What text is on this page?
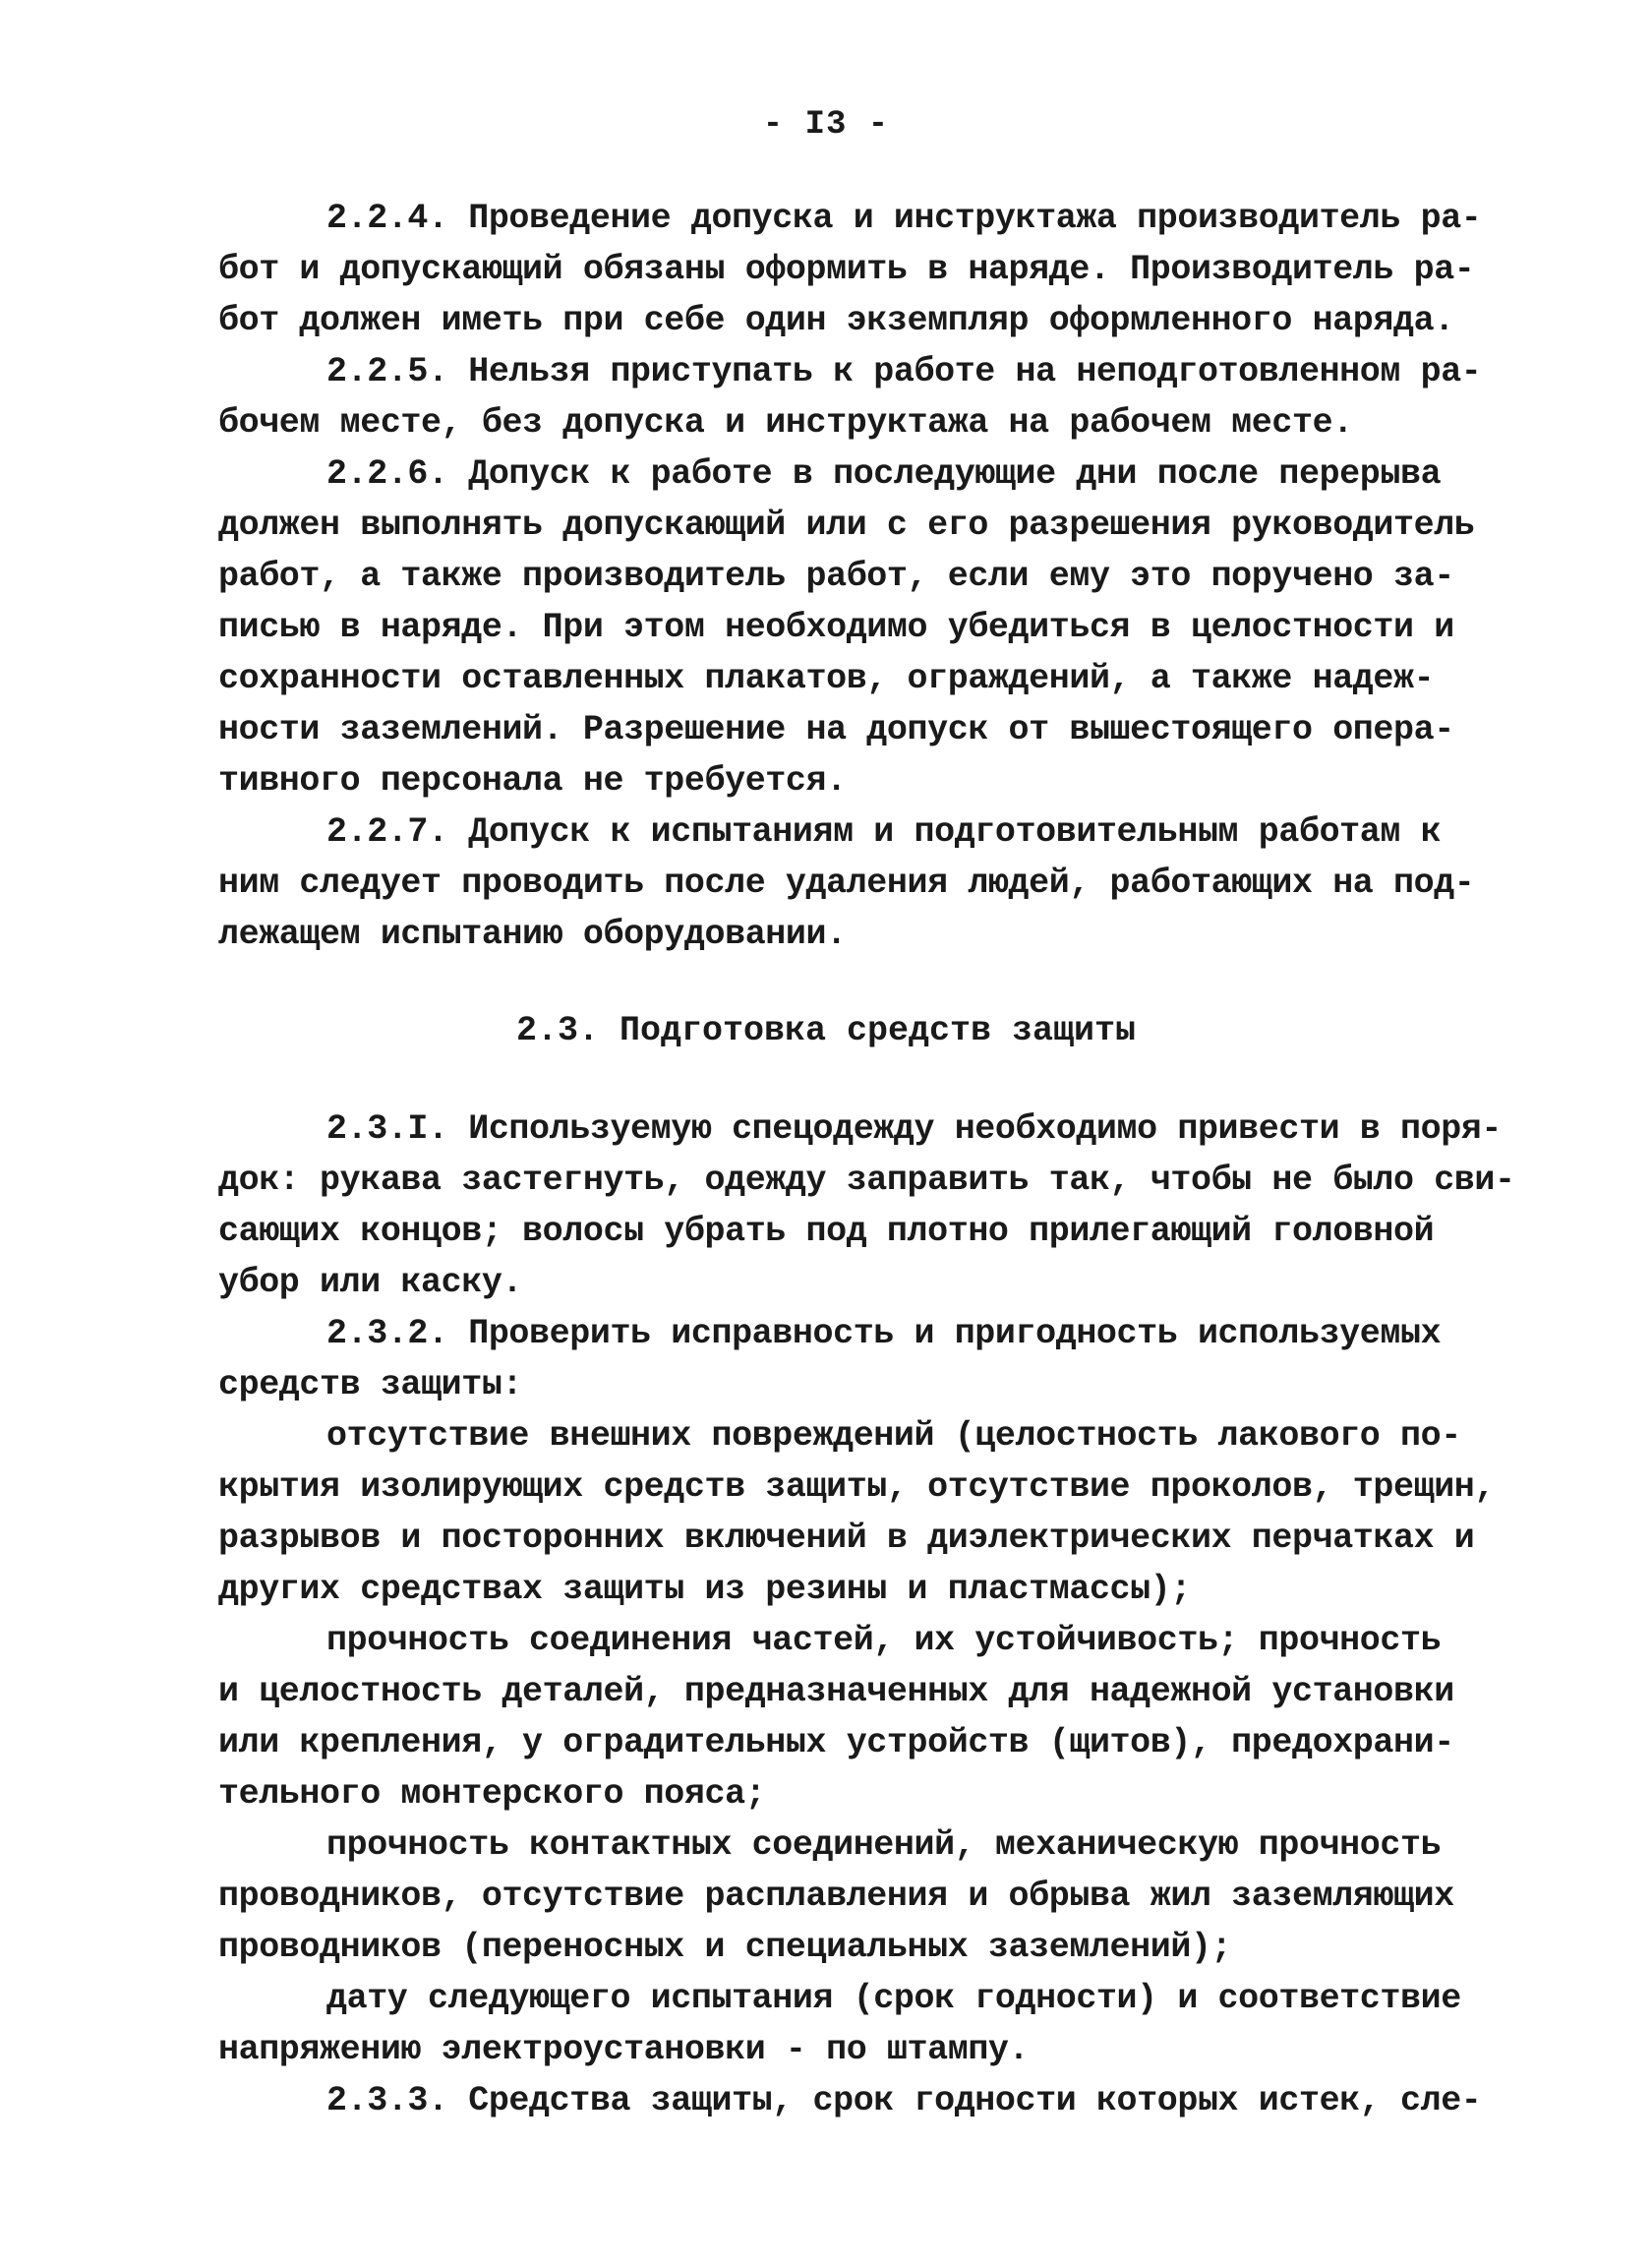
- I3 -
2.2.4. Проведение допуска и инструктажа производитель ра-
бот и допускающий обязаны оформить в наряде. Производитель ра-
бот должен иметь при себе один экземпляр оформленного наряда.
2.2.5. Нельзя приступать к работе на неподготовленном ра-
бочем месте, без допуска и инструктажа на рабочем месте.
2.2.6. Допуск к работе в последующие дни после перерыва
должен выполнять допускающий или с его разрешения руководитель
работ, а также производитель работ, если ему это поручено за-
писью в наряде. При этом необходимо убедиться в целостности и
сохранности оставленных плакатов, ограждений, а также надеж-
ности заземлений. Разрешение на допуск от вышестоящего опера-
тивного персонала не требуется.
2.2.7. Допуск к испытаниям и подготовительным работам к
ним следует проводить после удаления людей, работающих на под-
лежащем испытанию оборудовании.
2.3. Подготовка средств защиты
2.3.I. Используемую спецодежду необходимо привести в поря-
док: рукава застегнуть, одежду заправить так, чтобы не было сви-
сающих концов; волосы убрать под плотно прилегающий головной
убор или каску.
2.3.2. Проверить исправность и пригодность используемых
средств защиты:
отсутствие внешних повреждений (целостность лакового по-
крытия изолирующих средств защиты, отсутствие проколов, трещин,
разрывов и посторонних включений в диэлектрических перчатках и
других средствах защиты из резины и пластмассы);
прочность соединения частей, их устойчивость; прочность
и целостность деталей, предназначенных для надежной установки
или крепления, у оградительных устройств (щитов), предохрани-
тельного монтерского пояса;
прочность контактных соединений, механическую прочность
проводников, отсутствие расплавления и обрыва жил заземляющих
проводников (переносных и специальных заземлений);
дату следующего испытания (срок годности) и соответствие
напряжению электроустановки - по штампу.
2.3.3. Средства защиты, срок годности которых истек, сле-
